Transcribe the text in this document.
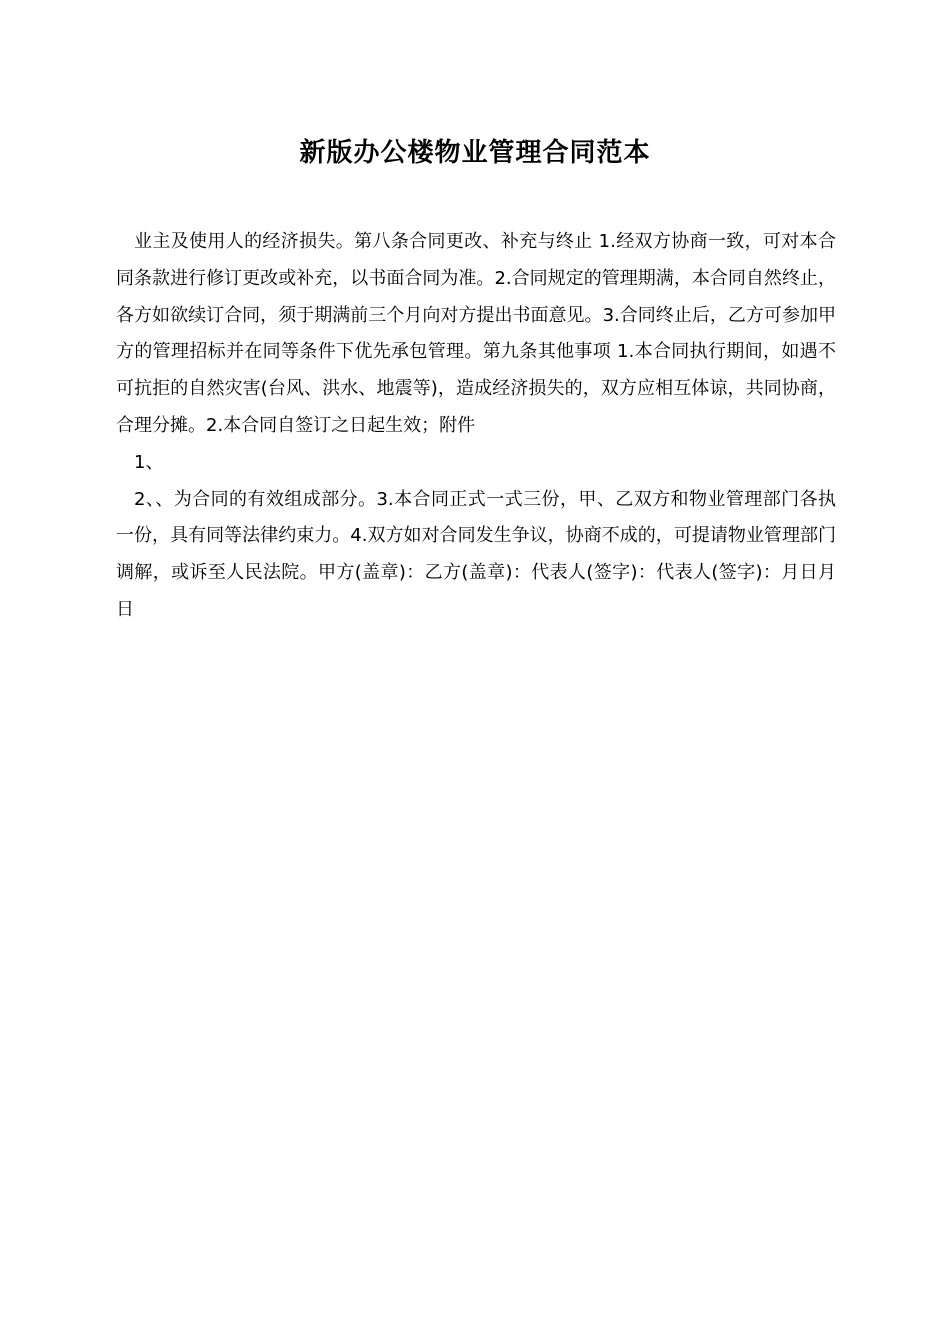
新版办公楼物业管理合同范本

业主及使用人的经济损失。第八条合同更改、补充与终止 1.经双方协商一致，可对本合同条款进行修订更改或补充，以书面合同为准。2.合同规定的管理期满，本合同自然终止，各方如欲续订合同，须于期满前三个月向对方提出书面意见。3.合同终止后，乙方可参加甲方的管理招标并在同等条件下优先承包管理。第九条其他事项 1.本合同执行期间，如遇不可抗拒的自然灾害(台风、洪水、地震等)，造成经济损失的，双方应相互体谅，共同协商，合理分摊。2.本合同自签订之日起生效；附件

1、

2、、为合同的有效组成部分。3.本合同正式一式三份，甲、乙双方和物业管理部门各执一份，具有同等法律约束力。4.双方如对合同发生争议，协商不成的，可提请物业管理部门调解，或诉至人民法院。甲方(盖章)：乙方(盖章)：代表人(签字)：代表人(签字)：月日月日
